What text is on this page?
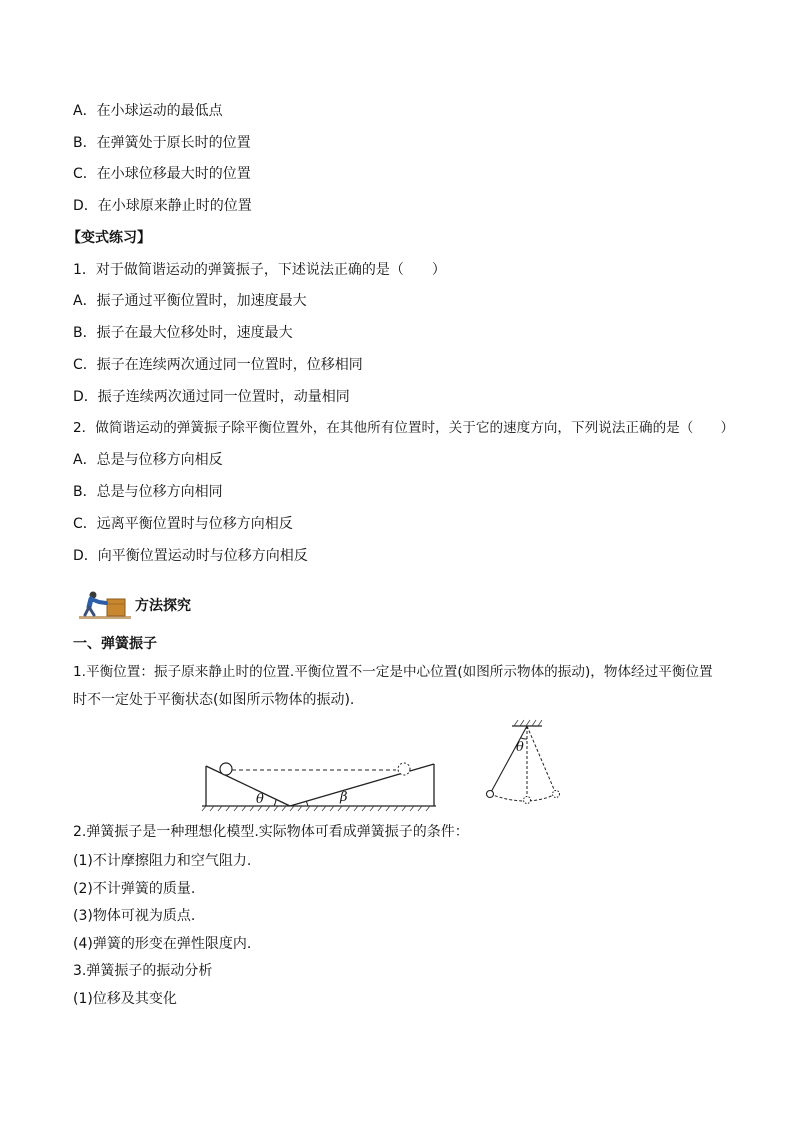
A．在小球运动的最低点
B．在弹簧处于原长时的位置
C．在小球位移最大时的位置
D．在小球原来静止时的位置
【变式练习】
1．对于做简谐运动的弹簧振子，下述说法正确的是（　　）
A．振子通过平衡位置时，加速度最大
B．振子在最大位移处时，速度最大
C．振子在连续两次通过同一位置时，位移相同
D．振子连续两次通过同一位置时，动量相同
2．做简谐运动的弹簧振子除平衡位置外，在其他所有位置时，关于它的速度方向，下列说法正确的是（　　）
A．总是与位移方向相反
B．总是与位移方向相同
C．远离平衡位置时与位移方向相反
D．向平衡位置运动时与位移方向相反
方法探究
一、弹簧振子
1.平衡位置：振子原来静止时的位置.平衡位置不一定是中心位置(如图所示物体的振动)，物体经过平衡位置
时不一定处于平衡状态(如图所示物体的振动).
θ	β
θ
2.弹簧振子是一种理想化模型.实际物体可看成弹簧振子的条件：
(1)不计摩擦阻力和空气阻力.
(2)不计弹簧的质量.
(3)物体可视为质点.
(4)弹簧的形变在弹性限度内.
3.弹簧振子的振动分析
(1)位移及其变化
